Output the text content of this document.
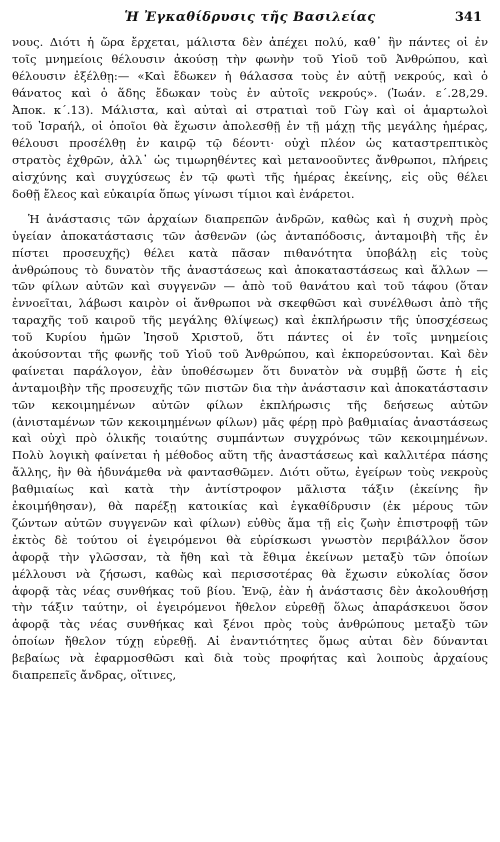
Ἡ Ἐγκαθίδρυσις τῆς Βασιλείας	341

νους. Διότι ἡ ὥρα ἔρχεται, μάλιστα δὲν ἀπέχει πολύ, καθ᾿ ἣν πάντες οἱ ἐν

τοῖς μνημείοις θέλουσιν ἀκούσῃ τὴν φωνὴν τοῦ Υἱοῦ τοῦ Ἀνθρώπου, καὶ

θέλουσιν ἐξέλθῃ:— «Καὶ ἔδωκεν ἡ θάλασσα τοὺς ἐν αὐτῇ νεκρούς, καὶ ὁ

θάνατος καὶ ὁ ἅδης ἔδωκαν τοὺς ἐν αὐτοῖς νεκρούς». (Ἰωάν. ε΄.28,29.

Ἀποκ. κ΄.13). Μάλιστα, καὶ αὐταὶ αἱ στρατιαὶ τοῦ Γὼγ καὶ οἱ ἁμαρτωλοὶ

τοῦ Ἰσραήλ, οἱ ὁποῖοι θὰ ἔχωσιν ἀπολεσθῇ ἐν τῇ μάχῃ τῆς μεγάλης ἡμέρας,

θέλουσι προσέλθῃ ἐν καιρῷ τῷ δέοντι· οὐχὶ πλέον ὡς καταστρεπτικὸς

στρατὸς ἐχθρῶν, ἀλλ᾿ ὡς τιμωρηθέντες καὶ μετανοοῦντες ἄνθρωποι, πλήρεις

αἰσχύνης καὶ συγχύσεως ἐν τῷ φωτὶ τῆς ἡμέρας ἐκείνης, εἰς οὓς θέλει

δοθῇ ἔλεος καὶ εὐκαιρία ὅπως γίνωσι τίμιοι καὶ ἐνάρετοι.

Ἡ ἀνάστασις τῶν ἀρχαίων διαπρεπῶν ἀνδρῶν, καθὼς καὶ ἡ συχνὴ πρὸς

ὑγείαν ἀποκατάστασις τῶν ἀσθενῶν (ὡς ἀνταπόδοσις, ἀνταμοιβὴ τῆς ἐν

πίστει προσευχῆς) θέλει κατὰ πᾶσαν πιθανότητα ὑποβάλῃ εἰς τοὺς

ἀνθρώπους τὸ δυνατὸν τῆς ἀναστάσεως καὶ ἀποκαταστάσεως καὶ ἄλλων —

τῶν φίλων αὐτῶν καὶ συγγενῶν — ἀπὸ τοῦ θανάτου καὶ τοῦ τάφου (ὅταν

ἐννοεῖται, λάβωσι καιρὸν οἱ ἄνθρωποι νὰ σκεφθῶσι καὶ συνέλθωσι ἀπὸ τῆς

ταραχῆς τοῦ καιροῦ τῆς μεγάλης θλίψεως) καὶ ἐκπλήρωσιν τῆς ὑποσχέσεως

τοῦ Κυρίου ἡμῶν Ἰησοῦ Χριστοῦ, ὅτι πάντες οἱ ἐν τοῖς μνημείοις

ἀκούσονται τῆς φωνῆς τοῦ Υἱοῦ τοῦ Ἀνθρώπου, καὶ ἐκπορεύσονται. Καὶ δὲν

φαίνεται παράλογον, ἐὰν ὑποθέσωμεν ὅτι δυνατὸν νὰ συμβῇ ὥστε ἡ εἰς

ἀνταμοιβὴν τῆς προσευχῆς τῶν πιστῶν δια τὴν ἀνάστασιν καὶ ἀποκατάστασιν

τῶν κεκοιμημένων αὐτῶν φίλων ἐκπλήρωσις τῆς δεήσεως αὐτῶν

(ἀνισταμένων τῶν κεκοιμημένων φίλων) μᾶς φέρῃ πρὸ βαθμιαίας ἀναστάσεως

καὶ οὐχὶ πρὸ ὁλικῆς τοιαύτης συμπάντων συγχρόνως τῶν κεκοιμημένων.

Πολὺ λογικὴ φαίνεται ἡ μέθοδος αὕτη τῆς ἀναστάσεως καὶ καλλιτέρα πάσης

ἄλλης, ἣν θὰ ἠδυνάμεθα νὰ φαντασθῶμεν. Διότι οὕτω, ἐγείρων τοὺς νεκροὺς

βαθμιαίως καὶ κατὰ τὴν ἀντίστροφον μᾶλιστα τάξιν (ἐκείνης ἣν

ἐκοιμήθησαν), θὰ παρέξῃ κατοικίας καὶ ἐγκαθίδρυσιν (ἐκ μέρους τῶν

ζώντων αὐτῶν συγγενῶν καὶ φίλων) εὐθὺς ἅμα τῇ εἰς ζωὴν ἐπιστροφῇ τῶν

ἐκτὸς δὲ τούτου οἱ ἐγειρόμενοι θὰ εὑρίσκωσι γνωστὸν περιβάλλον ὅσον

ἀφορᾷ τὴν γλῶσσαν, τὰ ἤθη καὶ τὰ ἔθιμα ἐκείνων μεταξὺ τῶν ὁποίων

μέλλουσι νὰ ζήσωσι, καθὼς καὶ περισσοτέρας θὰ ἔχωσιν εὐκολίας ὅσον

ἀφορᾷ τὰς νέας συνθήκας τοῦ βίου. Ἐνῷ, ἐὰν ἡ ἀνάστασις δὲν ἀκολουθήσῃ

τὴν τάξιν ταύτην, οἱ ἐγειρόμενοι ἤθελον εὑρεθῇ ὅλως ἀπαράσκευοι ὅσον

ἀφορᾷ τὰς νέας συνθήκας καὶ ξένοι πρὸς τοὺς ἀνθρώπους μεταξὺ τῶν

ὁποίων ἤθελον τύχῃ εὑρεθῇ. Αἱ ἐναντιότητες ὅμως αὐται δὲν δύνανται

βεβαίως νὰ ἐφαρμοσθῶσι καὶ διὰ τοὺς προφήτας καὶ λοιποὺς ἀρχαίους

διαπρεπεῖς ἄνδρας, οἵτινες,
